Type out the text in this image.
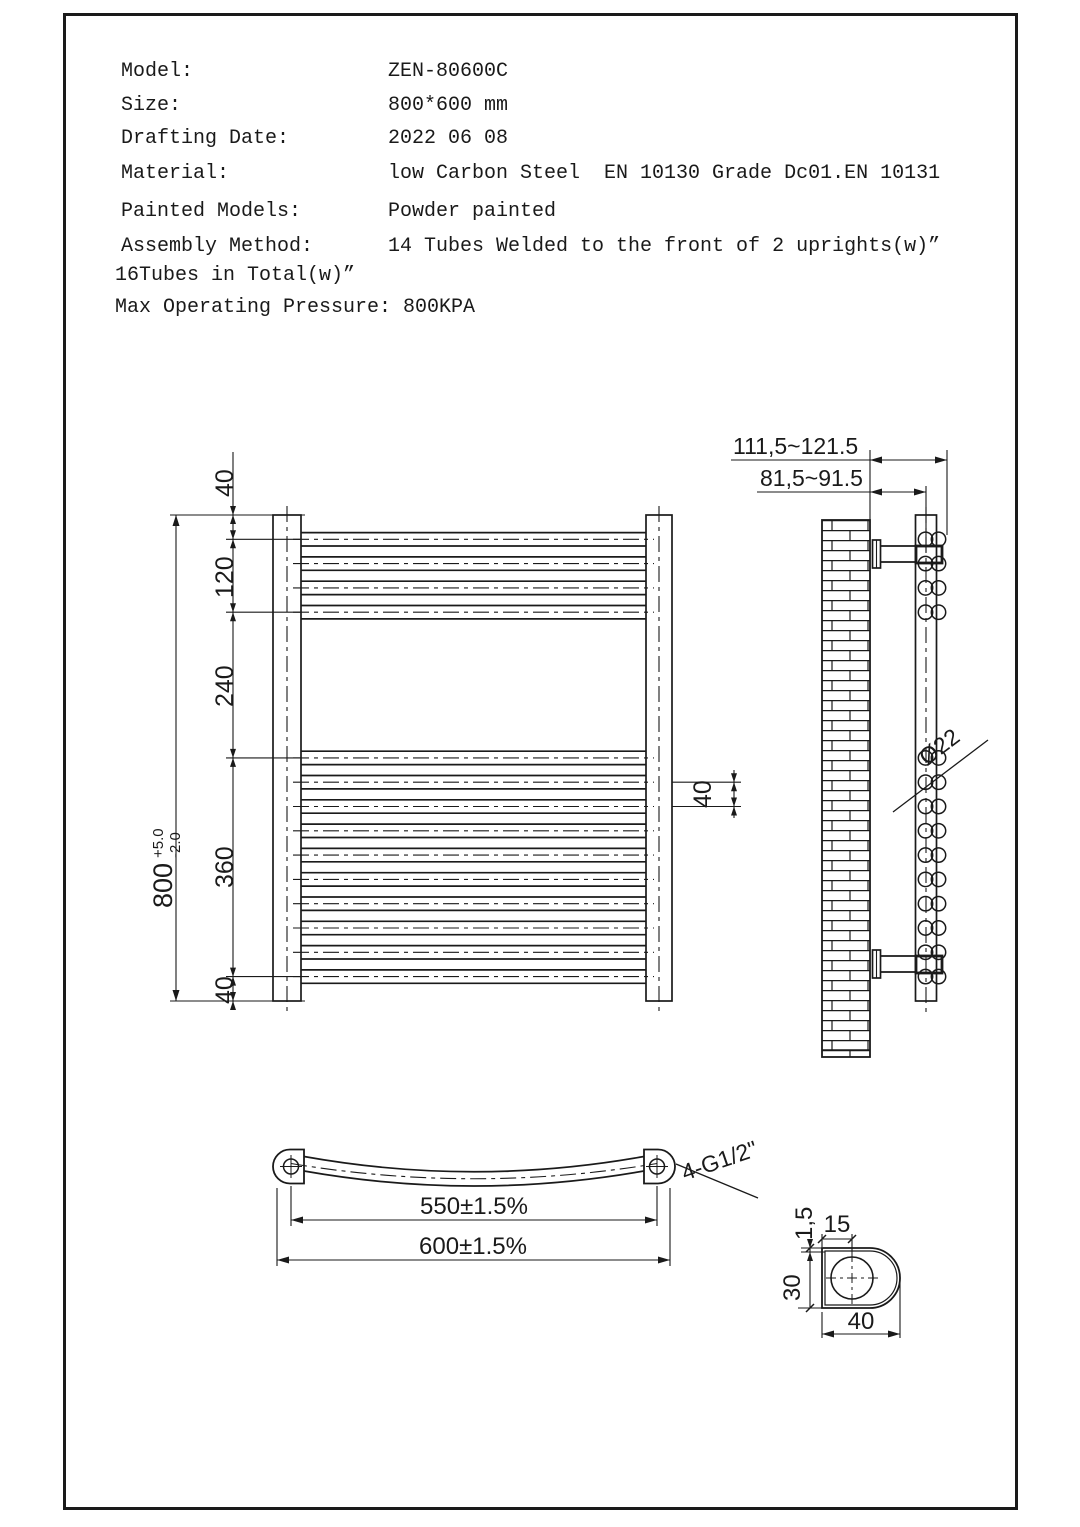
Model:	ZEN-80600C
Size:	800*600 mm
Drafting Date:	2022 06 08
Material:	low Carbon Steel  EN 10130 Grade Dc01.EN 10131
Painted Models:	Powder painted
Assembly Method:	14 Tubes Welded to the front of 2 uprights(w)”
16Tubes in Total(w)”
Max Operating Pressure: 800KPA
40
120
240
360
40
800
+5.0 -2.0
40
111,5~121.5
81,5~91.5
Ø22
550±1.5%
600±1.5%
4-G1/2"
15
1,5
30
40
